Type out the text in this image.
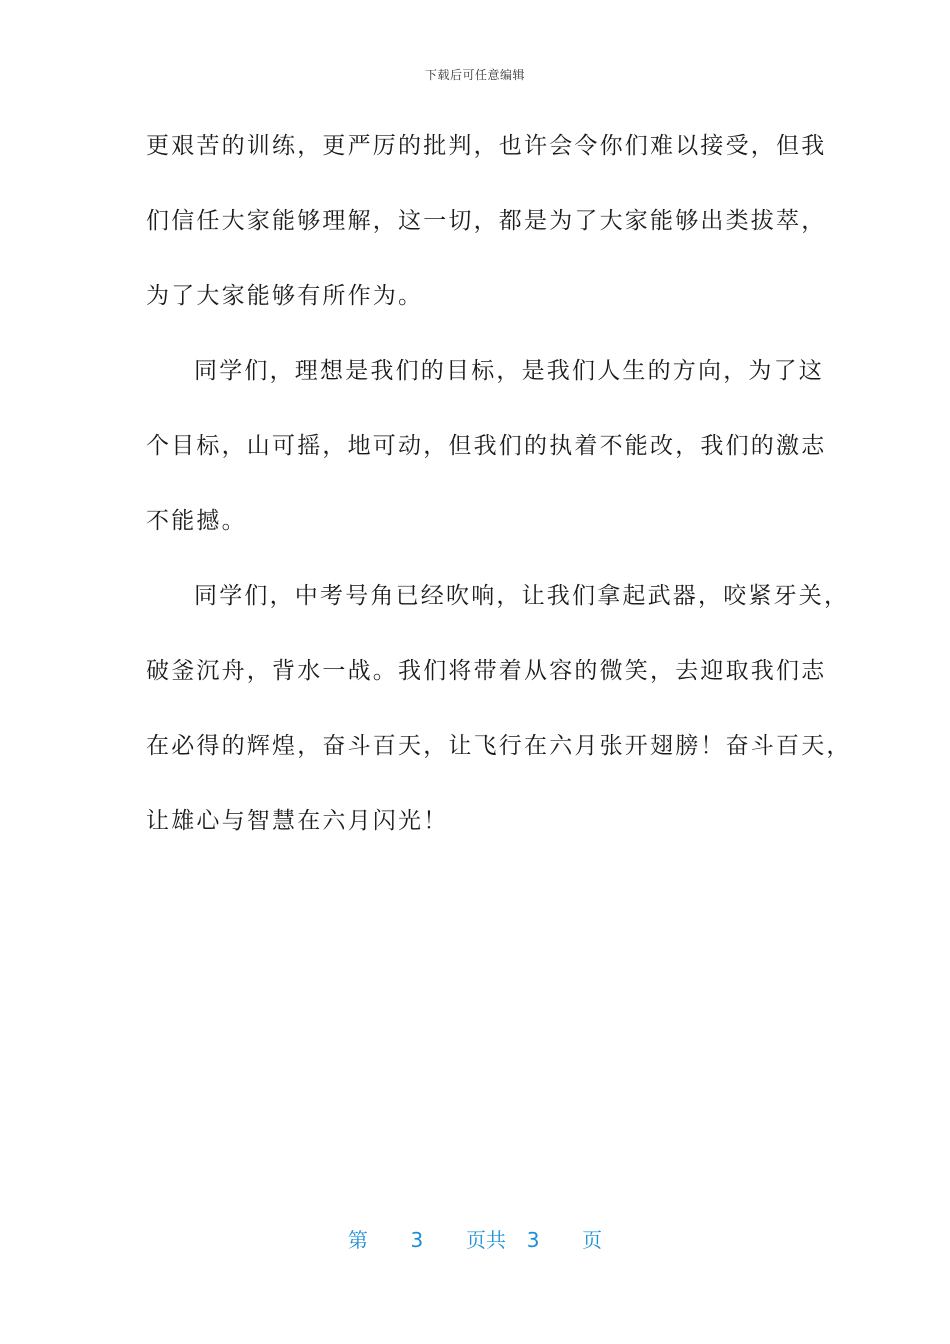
下载后可任意编辑
更艰苦的训练，更严厉的批判，也许会令你们难以接受，但我
们信任大家能够理解，这一切，都是为了大家能够出类拔萃，
为了大家能够有所作为。
同学们，理想是我们的目标，是我们人生的方向，为了这
个目标，山可摇，地可动，但我们的执着不能改，我们的激志
不能撼。
同学们，中考号角已经吹响，让我们拿起武器，咬紧牙关，
破釜沉舟，背水一战。我们将带着从容的微笑，去迎取我们志
在必得的辉煌，奋斗百天，让飞行在六月张开翅膀！奋斗百天，
让雄心与智慧在六月闪光！
第 3 页共 3 页
